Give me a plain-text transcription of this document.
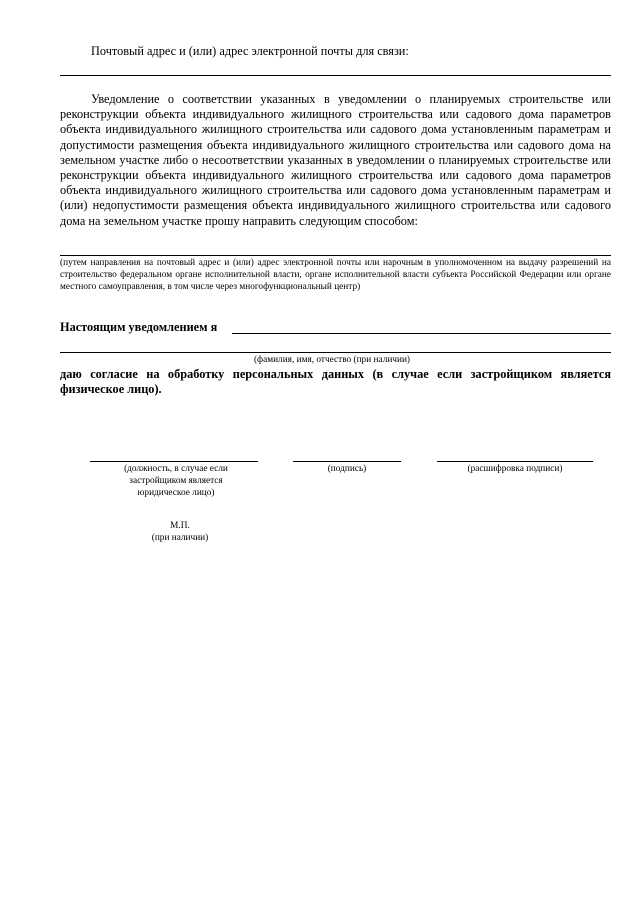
Почтовый адрес и (или) адрес электронной почты для связи:
Уведомление о соответствии указанных в уведомлении о планируемых строительстве или реконструкции объекта индивидуального жилищного строительства или садового дома параметров объекта индивидуального жилищного строительства или садового дома установленным параметрам и допустимости размещения объекта индивидуального жилищного строительства или садового дома на земельном участке либо о несоответствии указанных в уведомлении о планируемых строительстве или реконструкции объекта индивидуального жилищного строительства или садового дома параметров объекта индивидуального жилищного строительства или садового дома установленным параметрам и (или) недопустимости размещения объекта индивидуального жилищного строительства или садового дома на земельном участке прошу направить следующим способом:
(путем направления на почтовый адрес и (или) адрес электронной почты или нарочным в уполномоченном на выдачу разрешений на строительство федеральном органе исполнительной власти, органе исполнительной власти субъекта Российской Федерации или органе местного самоуправления, в том числе через многофункциональный центр)
Настоящим уведомлением я
(фамилия, имя, отчество (при наличии)
даю согласие на обработку персональных данных (в случае если застройщиком является физическое лицо).
(должность, в случае если застройщиком является юридическое лицо)
(подпись)	(расшифровка подписи)
М.П.
(при наличии)
